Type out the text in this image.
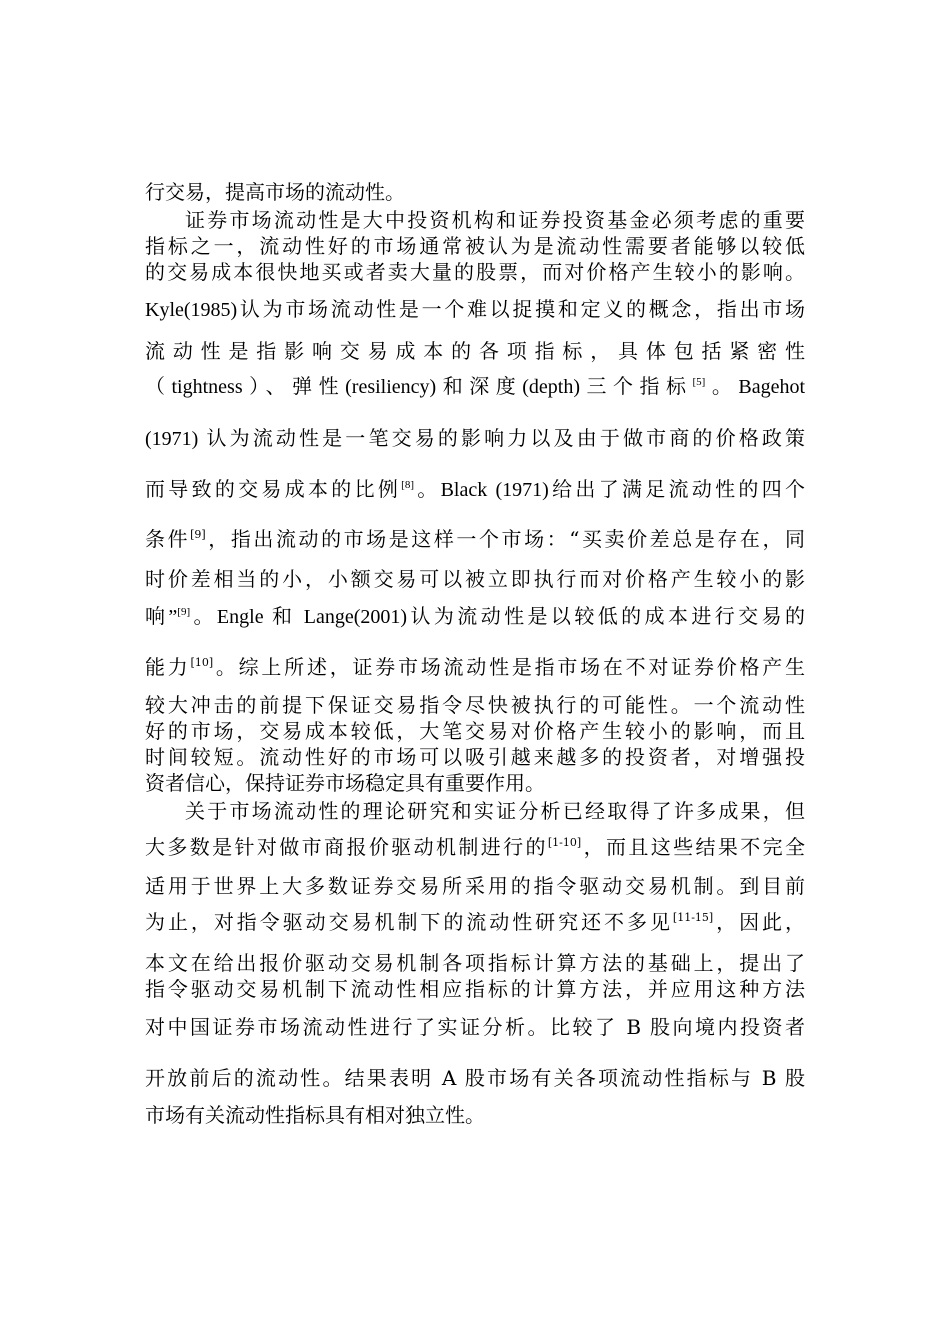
行交易，提高市场的流动性。
证券市场流动性是大中投资机构和证券投资基金必须考虑的重要
指标之一，流动性好的市场通常被认为是流动性需要者能够以较低
的交易成本很快地买或者卖大量的股票，而对价格产生较小的影响。
Kyle(1985)认为市场流动性是一个难以捉摸和定义的概念，指出市场
流动性是指影响交易成本的各项指标，具体包括紧密性
（tightness）、弹性(resiliency)和深度(depth)三个指标[5]。Bagehot
(1971) 认为流动性是一笔交易的影响力以及由于做市商的价格政策
而导致的交易成本的比例[8]。Black (1971)给出了满足流动性的四个
条件[9]，指出流动的市场是这样一个市场：“买卖价差总是存在，同
时价差相当的小，小额交易可以被立即执行而对价格产生较小的影
响”[9]。Engle 和 Lange(2001)认为流动性是以较低的成本进行交易的
能力[10]。综上所述，证券市场流动性是指市场在不对证券价格产生
较大冲击的前提下保证交易指令尽快被执行的可能性。一个流动性
好的市场，交易成本较低，大笔交易对价格产生较小的影响，而且
时间较短。流动性好的市场可以吸引越来越多的投资者，对增强投
资者信心，保持证券市场稳定具有重要作用。
关于市场流动性的理论研究和实证分析已经取得了许多成果，但
大多数是针对做市商报价驱动机制进行的[1-10]，而且这些结果不完全
适用于世界上大多数证券交易所采用的指令驱动交易机制。到目前
为止，对指令驱动交易机制下的流动性研究还不多见[11-15]，因此，
本文在给出报价驱动交易机制各项指标计算方法的基础上，提出了
指令驱动交易机制下流动性相应指标的计算方法，并应用这种方法
对中国证券市场流动性进行了实证分析。比较了 B 股向境内投资者
开放前后的流动性。结果表明 A 股市场有关各项流动性指标与 B 股
市场有关流动性指标具有相对独立性。
